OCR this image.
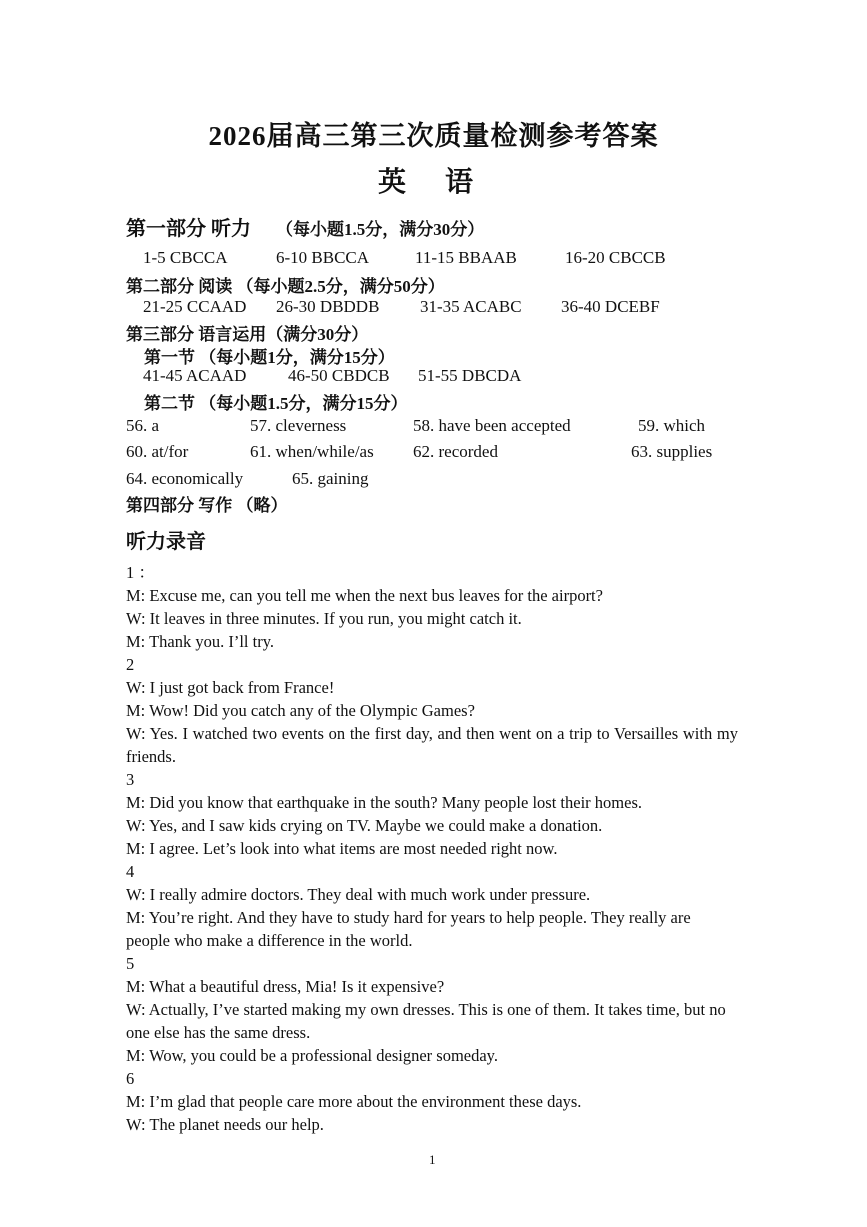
2026届高三第三次质量检测参考答案
英 语
第一部分 听力 （每小题1.5分，满分30分）
1-5 CBCCA	6-10 BBCCA	11-15 BBAAB	16-20 CBCCB
第二部分 阅读 （每小题2.5分，满分50分）
21-25 CCAAD 26-30 DBDDB 31-35 ACABC 36-40 DCEBF
第三部分 语言运用（满分30分）
第一节 （每小题1分，满分15分）
41-45 ACAAD 46-50 CBDCB 51-55 DBCDA
第二节 （每小题1.5分，满分15分）
56. a	57. cleverness	58. have been accepted	59. which
60. at/for	61. when/while/as 62. recorded	63. supplies
64. economically	65. gaining
第四部分 写作 （略）
听力录音
1 ：
M: Excuse me, can you tell me when the next bus leaves for the airport?
W: It leaves in three minutes. If you run, you might catch it.
M: Thank you. I’ll try.
2
W: I just got back from France!
M: Wow! Did you catch any of the Olympic Games?
W: Yes. I watched two events on the first day, and then went on a trip to Versailles with my friends.
3
M: Did you know that earthquake in the south? Many people lost their homes.
W: Yes, and I saw kids crying on TV. Maybe we could make a donation.
M: I agree. Let’s look into what items are most needed right now.
4
W: I really admire doctors. They deal with much work under pressure.
M: You’re right. And they have to study hard for years to help people. They really are people who make a difference in the world.
5
M: What a beautiful dress, Mia! Is it expensive?
W: Actually, I’ve started making my own dresses. This is one of them. It takes time, but no one else has the same dress.
M: Wow, you could be a professional designer someday.
6
M: I’m glad that people care more about the environment these days.
W: The planet needs our help.
1
